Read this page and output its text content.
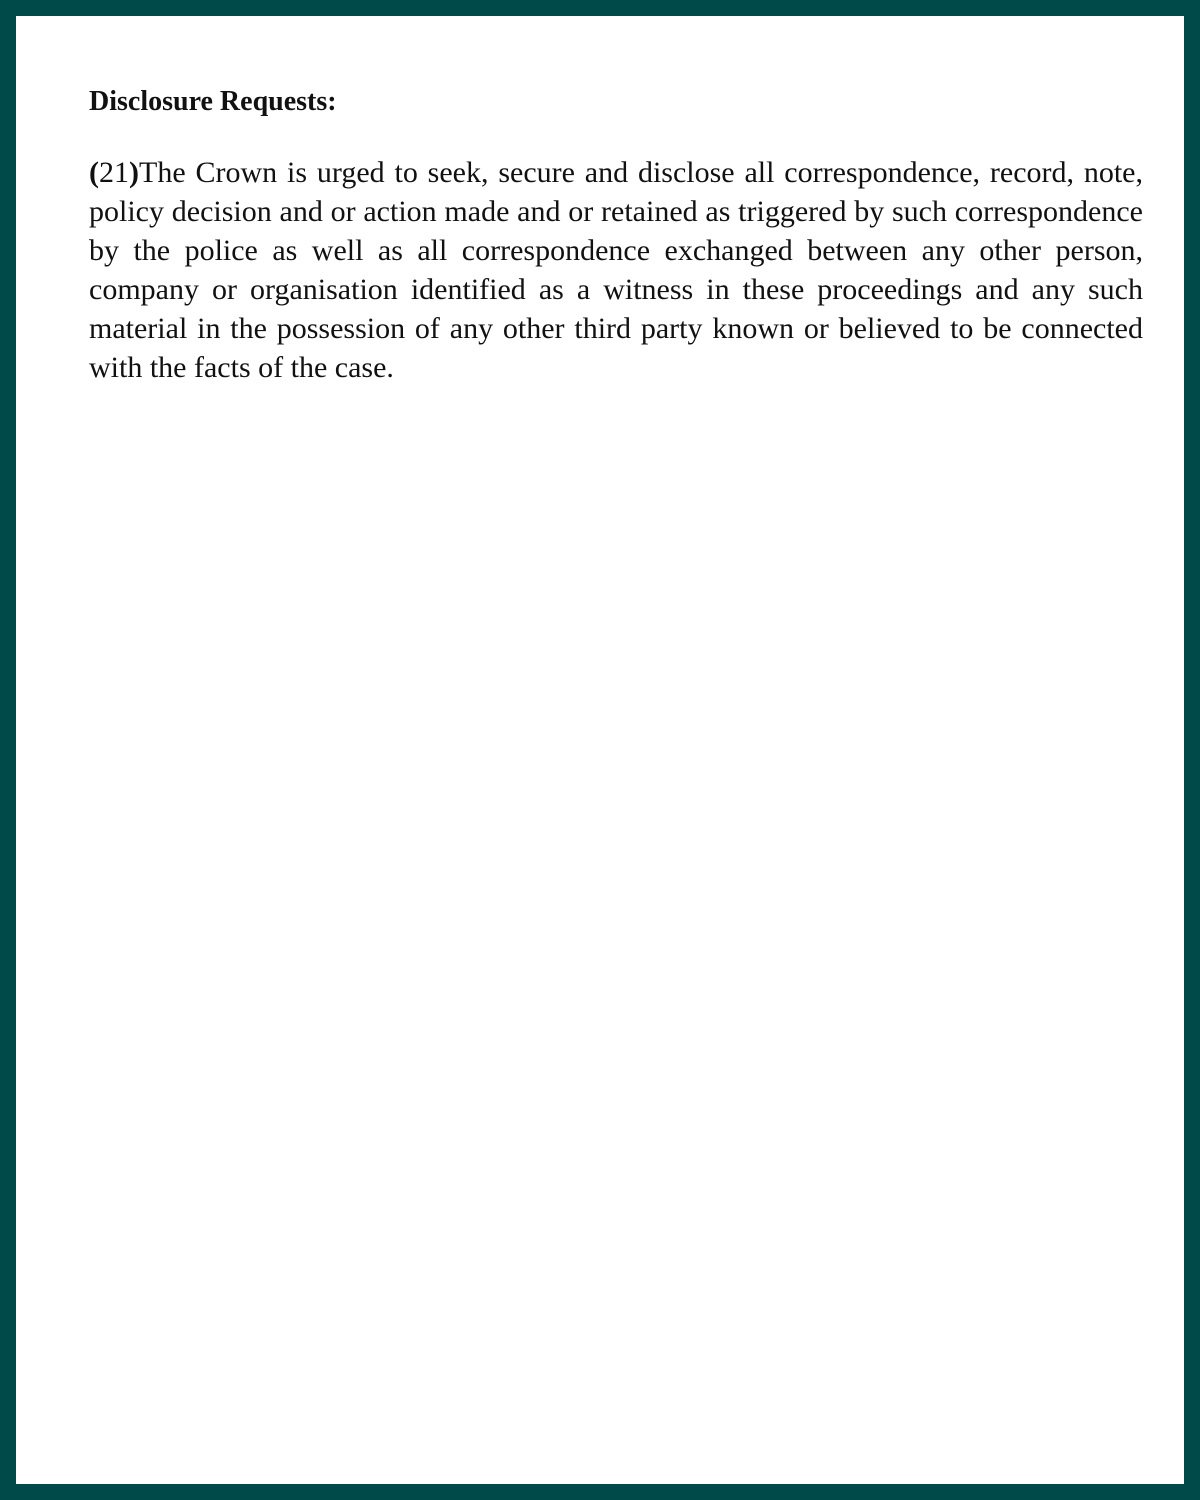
Disclosure Requests:

(21)The Crown is urged to seek, secure and disclose all correspondence, record, note, policy decision and or action made and or retained as triggered by such correspondence by the police as well as all correspondence exchanged between any other person, company or organisation identified as a witness in these proceedings and any such material in the possession of any other third party known or believed to be connected with the facts of the case.
